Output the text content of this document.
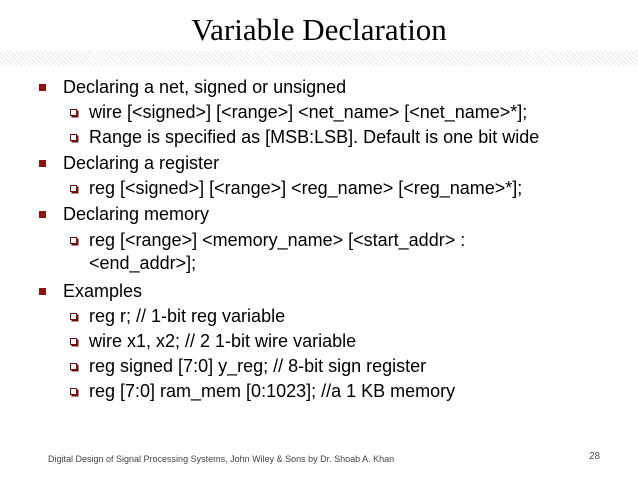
Variable Declaration
Declaring a net, signed or unsigned
wire [<signed>] [<range>] <net_name> [<net_name>*];
Range is specified as [MSB:LSB]. Default is one bit wide
Declaring a register
reg [<signed>] [<range>] <reg_name> [<reg_name>*];
Declaring memory
reg [<range>] <memory_name> [<start_addr> :
<end_addr>];
Examples
reg r; // 1-bit reg variable
wire x1, x2; // 2 1-bit wire variable
reg signed [7:0] y_reg; // 8-bit sign register
reg [7:0] ram_mem [0:1023]; //a 1 KB memory
Digital Design of Signal Processing Systems, John Wiley & Sons by Dr. Shoab A. Khan	28
